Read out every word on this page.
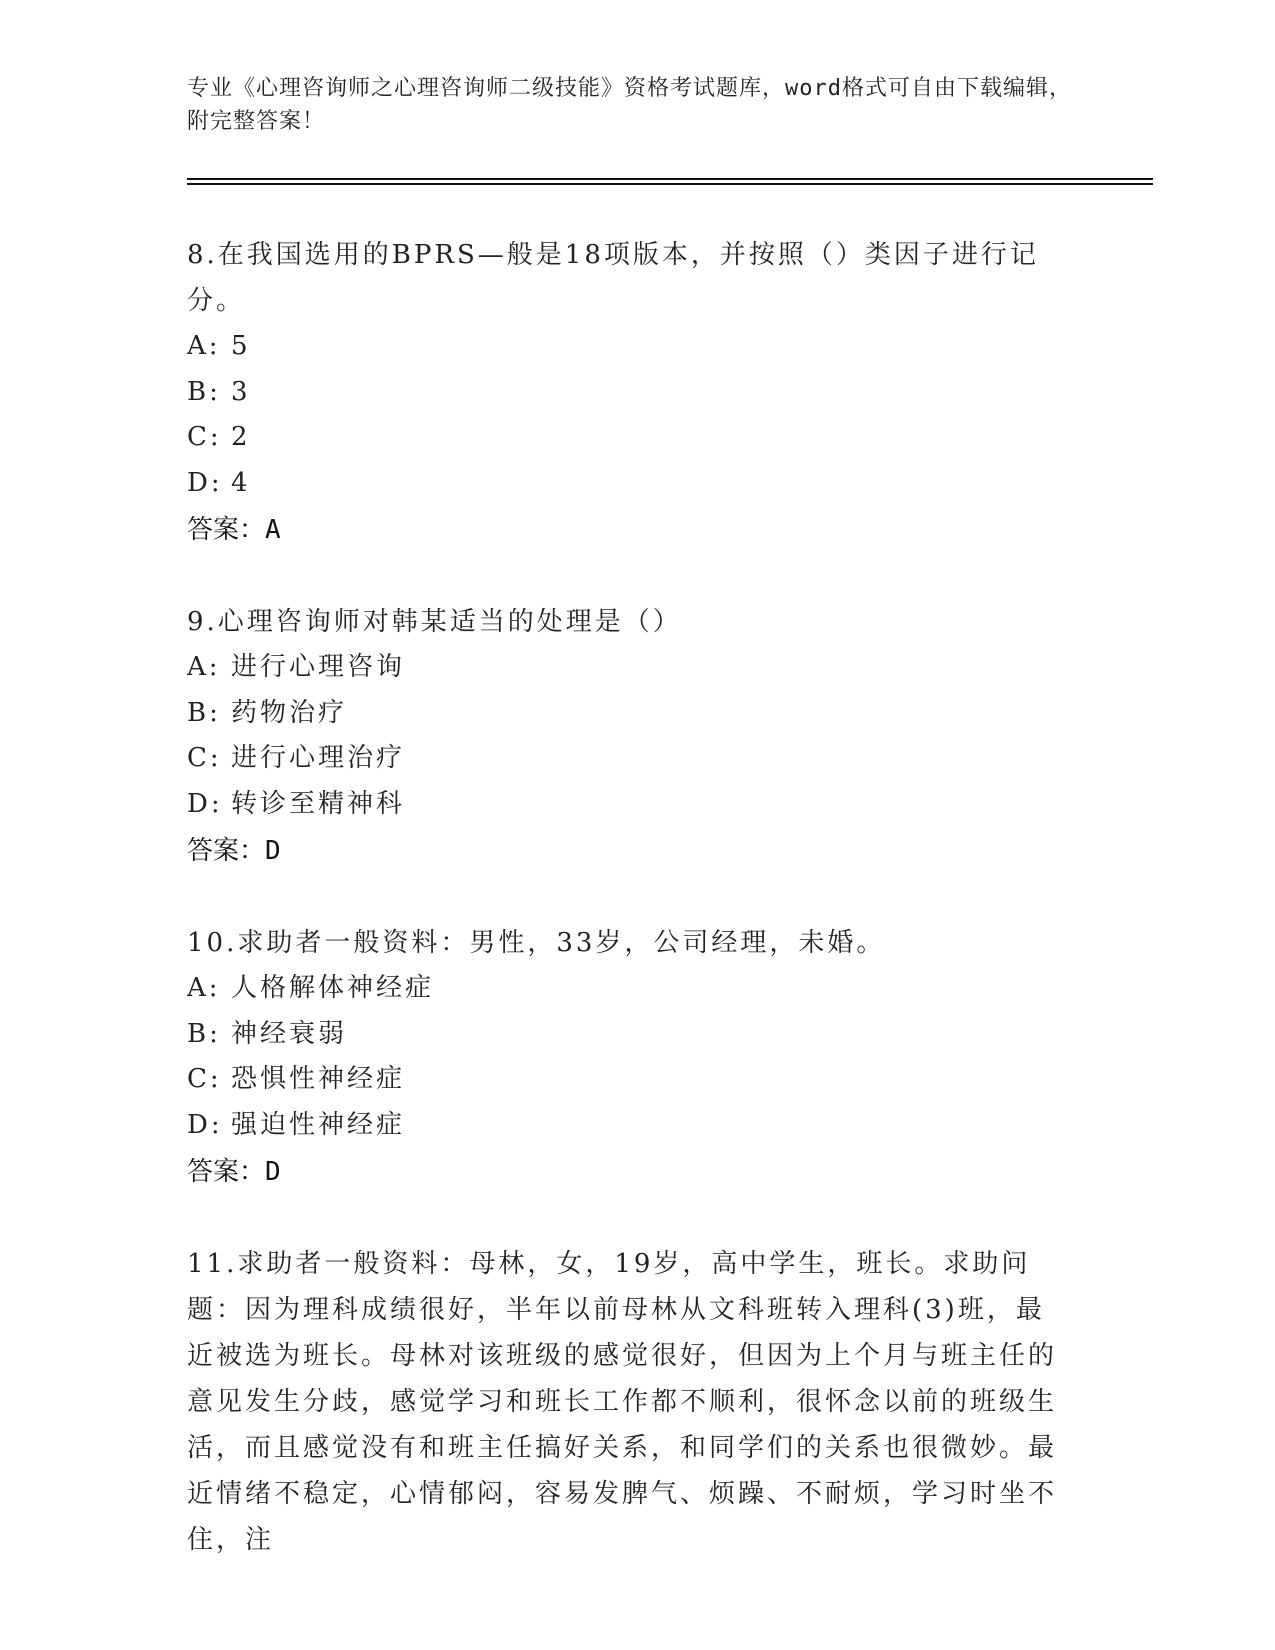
专业《心理咨询师之心理咨询师二级技能》资格考试题库，word格式可自由下载编辑，附完整答案！

8.在我国选用的BPRS—般是18项版本，并按照（）类因子进行记分。

A: 5

B: 3

C: 2

D: 4

答案：A

9.心理咨询师对韩某适当的处理是（）

A: 进行心理咨询

B: 药物治疗

C: 进行心理治疗

D: 转诊至精神科

答案：D

10.求助者一般资料：男性，33岁，公司经理，未婚。

A: 人格解体神经症

B: 神经衰弱

C: 恐惧性神经症

D: 强迫性神经症

答案：D

11.求助者一般资料：母林，女，19岁，高中学生，班长。求助问题：因为理科成绩很好，半年以前母林从文科班转入理科(3)班，最近被选为班长。母林对该班级的感觉很好，但因为上个月与班主任的意见发生分歧，感觉学习和班长工作都不顺利，很怀念以前的班级生活，而且感觉没有和班主任搞好关系，和同学们的关系也很微妙。最近情绪不稳定，心情郁闷，容易发脾气、烦躁、不耐烦，学习时坐不住，注
